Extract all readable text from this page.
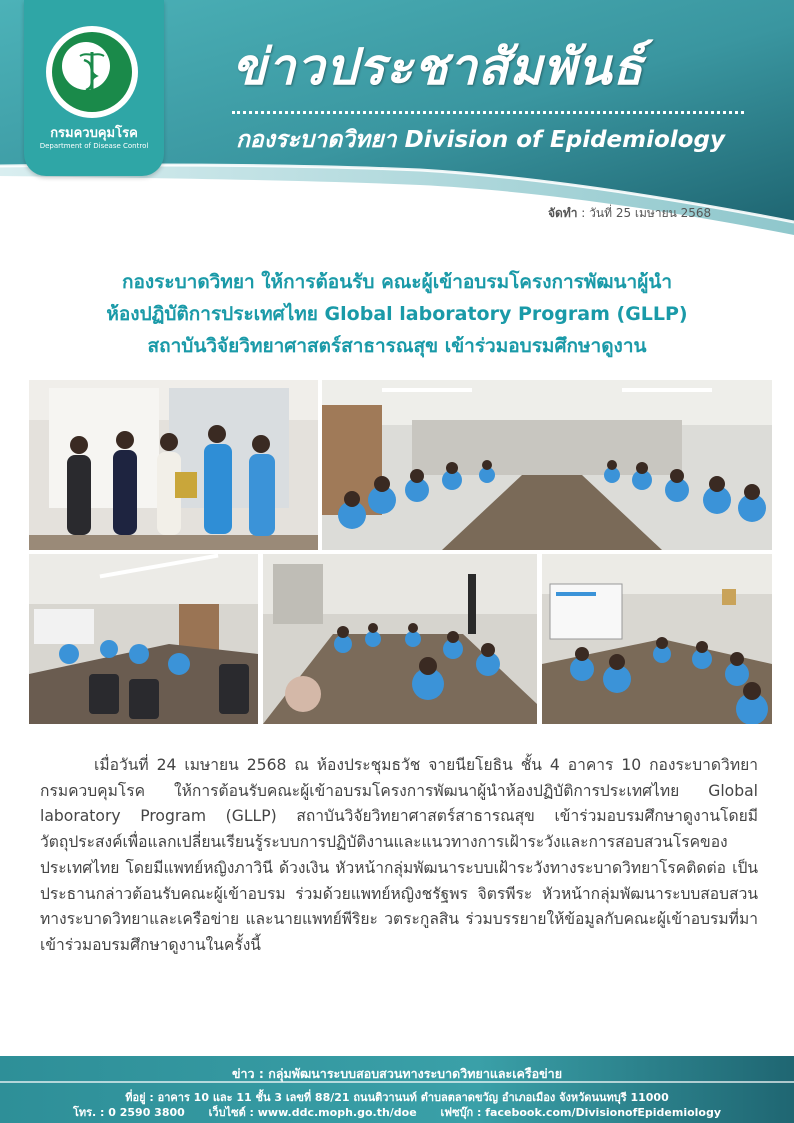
กรมควบคุมโรค
Department of Disease Control
ข่าวประชาสัมพันธ์
กองระบาดวิทยา Division of Epidemiology
จัดทำ : วันที่ 25 เมษายน 2568
กองระบาดวิทยา ให้การต้อนรับ คณะผู้เข้าอบรมโครงการพัฒนาผู้นำ
ห้องปฏิบัติการประเทศไทย Global laboratory Program (GLLP)
สถาบันวิจัยวิทยาศาสตร์สาธารณสุข เข้าร่วมอบรมศึกษาดูงาน
เมื่อวันที่ 24 เมษายน 2568 ณ ห้องประชุมธวัช จายนียโยธิน ชั้น 4 อาคาร 10 กองระบาดวิทยา กรมควบคุมโรค ให้การต้อนรับคณะผู้เข้าอบรมโครงการพัฒนาผู้นำห้องปฏิบัติการประเทศไทย Global laboratory Program (GLLP) สถาบันวิจัยวิทยาศาสตร์สาธารณสุข เข้าร่วมอบรมศึกษาดูงานโดยมีวัตถุประสงค์เพื่อแลกเปลี่ยนเรียนรู้ระบบการปฏิบัติงานและแนวทางการเฝ้าระวังและการสอบสวนโรคของประเทศไทย โดยมีแพทย์หญิงภาวินี ด้วงเงิน หัวหน้ากลุ่มพัฒนาระบบเฝ้าระวังทางระบาดวิทยาโรคติดต่อ เป็นประธานกล่าวต้อนรับคณะผู้เข้าอบรม ร่วมด้วยแพทย์หญิงชรัฐพร จิตรพีระ หัวหน้ากลุ่มพัฒนาระบบสอบสวนทางระบาดวิทยาและเครือข่าย และนายแพทย์พีริยะ วตระกูลสิน ร่วมบรรยายให้ข้อมูลกับคณะผู้เข้าอบรมที่มาเข้าร่วมอบรมศึกษาดูงานในครั้งนี้
ข่าว : กลุ่มพัฒนาระบบสอบสวนทางระบาดวิทยาและเครือข่าย
ที่อยู่ : อาคาร 10 และ 11 ชั้น 3 เลขที่ 88/21 ถนนติวานนท์ ตำบลตลาดขวัญ อำเภอเมือง จังหวัดนนทบุรี 11000
โทร. : 0 2590 3800 เว็บไซต์ : www.ddc.moph.go.th/doe เฟซบุ๊ก : facebook.com/DivisionofEpidemiology
